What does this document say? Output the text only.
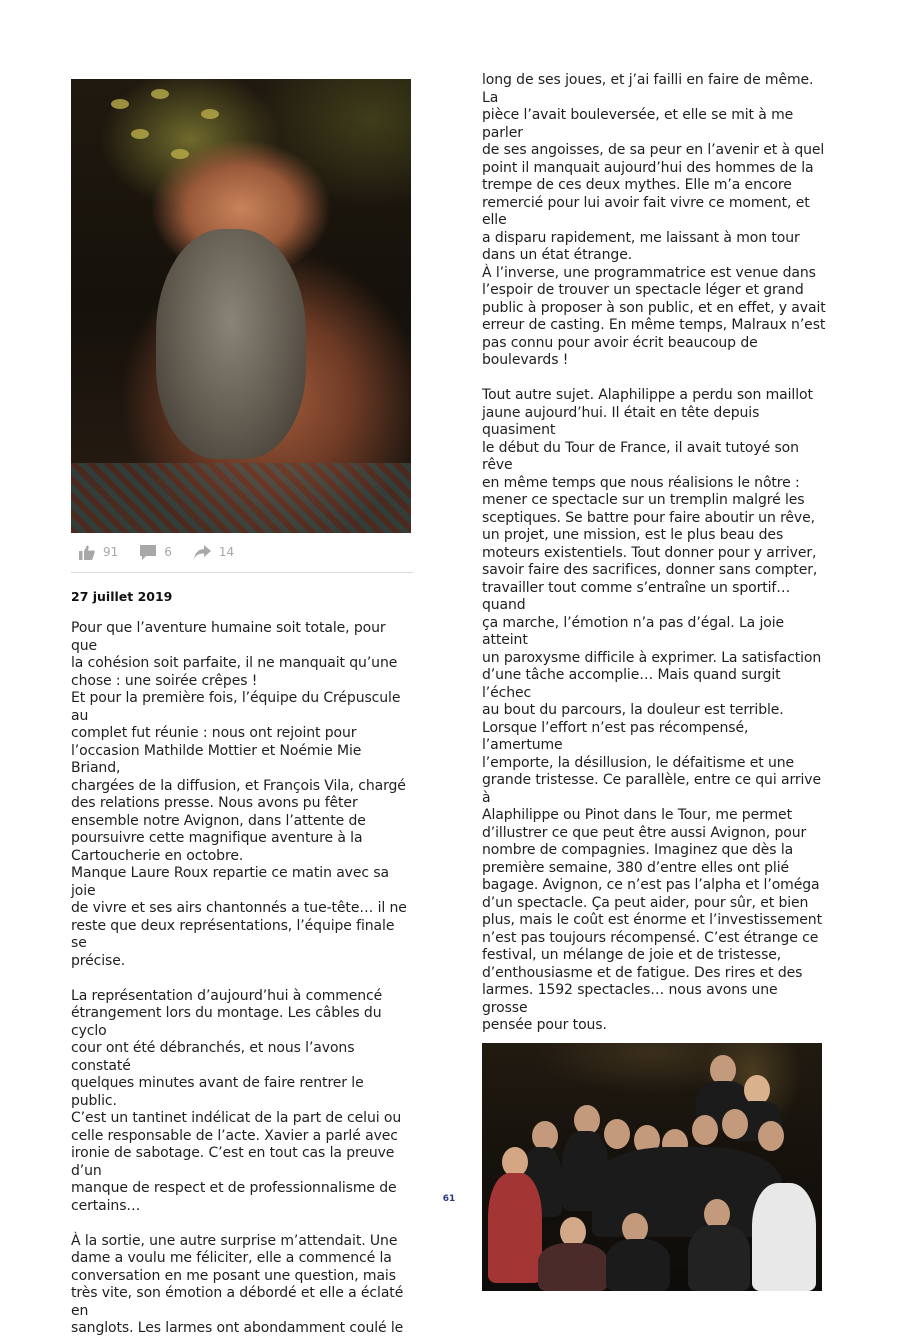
91	6	14
27 juillet 2019

Pour que l’aventure humaine soit totale, pour que

la cohésion soit parfaite, il ne manquait qu’une

chose : une soirée crêpes !

Et pour la première fois, l’équipe du Crépuscule au

complet fut réunie : nous ont rejoint pour

l’occasion Mathilde Mottier et Noémie Mie Briand,

chargées de la diffusion, et François Vila, chargé

des relations presse. Nous avons pu fêter

ensemble notre Avignon, dans l’attente de

poursuivre cette magnifique aventure à la

Cartoucherie en octobre.

Manque Laure Roux repartie ce matin avec sa joie

de vivre et ses airs chantonnés a tue-tête… il ne

reste que deux représentations, l’équipe finale se

précise.

La représentation d’aujourd’hui à commencé

étrangement lors du montage. Les câbles du cyclo

cour ont été débranchés, et nous l’avons constaté

quelques minutes avant de faire rentrer le public.

C’est un tantinet indélicat de la part de celui ou

celle responsable de l’acte. Xavier a parlé avec

ironie de sabotage. C’est en tout cas la preuve d’un

manque de respect et de professionnalisme de

certains…

À la sortie, une autre surprise m’attendait. Une

dame a voulu me féliciter, elle a commencé la

conversation en me posant une question, mais

très vite, son émotion a débordé et elle a éclaté en

sanglots. Les larmes ont abondamment coulé le

long de ses joues, et j’ai failli en faire de même. La

pièce l’avait bouleversée, et elle se mit à me parler

de ses angoisses, de sa peur en l’avenir et à quel

point il manquait aujourd’hui des hommes de la

trempe de ces deux mythes. Elle m’a encore

remercié pour lui avoir fait vivre ce moment, et elle

a disparu rapidement, me laissant à mon tour

dans un état étrange.

À l’inverse, une programmatrice est venue dans

l’espoir de trouver un spectacle léger et grand

public à proposer à son public, et en effet, y avait

erreur de casting. En même temps, Malraux n’est

pas connu pour avoir écrit beaucoup de

boulevards !

Tout autre sujet. Alaphilippe a perdu son maillot

jaune aujourd’hui. Il était en tête depuis quasiment

le début du Tour de France, il avait tutoyé son rêve

en même temps que nous réalisions le nôtre :

mener ce spectacle sur un tremplin malgré les

sceptiques. Se battre pour faire aboutir un rêve,

un projet, une mission, est le plus beau des

moteurs existentiels. Tout donner pour y arriver,

savoir faire des sacrifices, donner sans compter,

travailler tout comme s’entraîne un sportif… quand

ça marche, l’émotion n’a pas d’égal. La joie atteint

un paroxysme difficile à exprimer. La satisfaction

d’une tâche accomplie… Mais quand surgit l’échec

au bout du parcours, la douleur est terrible.

Lorsque l’effort n’est pas récompensé, l’amertume

l’emporte, la désillusion, le défaitisme et une

grande tristesse. Ce parallèle, entre ce qui arrive à

Alaphilippe ou Pinot dans le Tour, me permet

d’illustrer ce que peut être aussi Avignon, pour

nombre de compagnies. Imaginez que dès la

première semaine, 380 d’entre elles ont plié

bagage. Avignon, ce n’est pas l’alpha et l’oméga

d’un spectacle. Ça peut aider, pour sûr, et bien

plus, mais le coût est énorme et l’investissement

n’est pas toujours récompensé. C’est étrange ce

festival, un mélange de joie et de tristesse,

d’enthousiasme et de fatigue. Des rires et des

larmes. 1592 spectacles… nous avons une grosse

pensée pour tous.

61
